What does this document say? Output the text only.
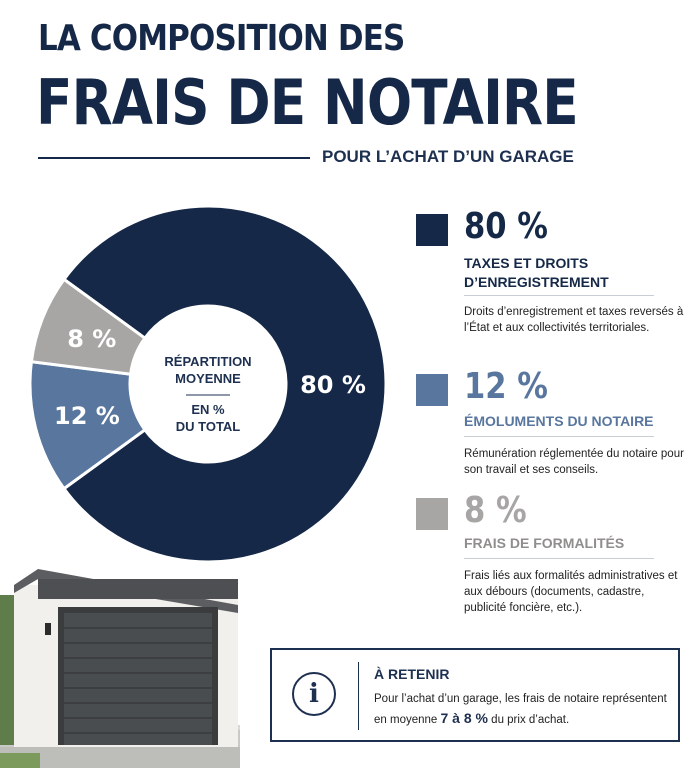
LA COMPOSITION DES
FRAIS DE NOTAIRE
POUR L’ACHAT D’UN GARAGE
RÉPARTITION
MOYENNE
EN %
DU TOTAL
80 %
12 %
8 %
80 %
TAXES ET DROITS
D’ENREGISTREMENT
Droits d’enregistrement et taxes reversés à l’État et aux collectivités territoriales.
12 %
ÉMOLUMENTS DU NOTAIRE
Rémunération réglementée du notaire pour son travail et ses conseils.
8 %
FRAIS DE FORMALITÉS
Frais liés aux formalités administratives et aux débours (documents, cadastre, publicité foncière, etc.).
i
À RETENIR
Pour l’achat d’un garage, les frais de notaire représentent en moyenne 7 à 8 % du prix d’achat.
